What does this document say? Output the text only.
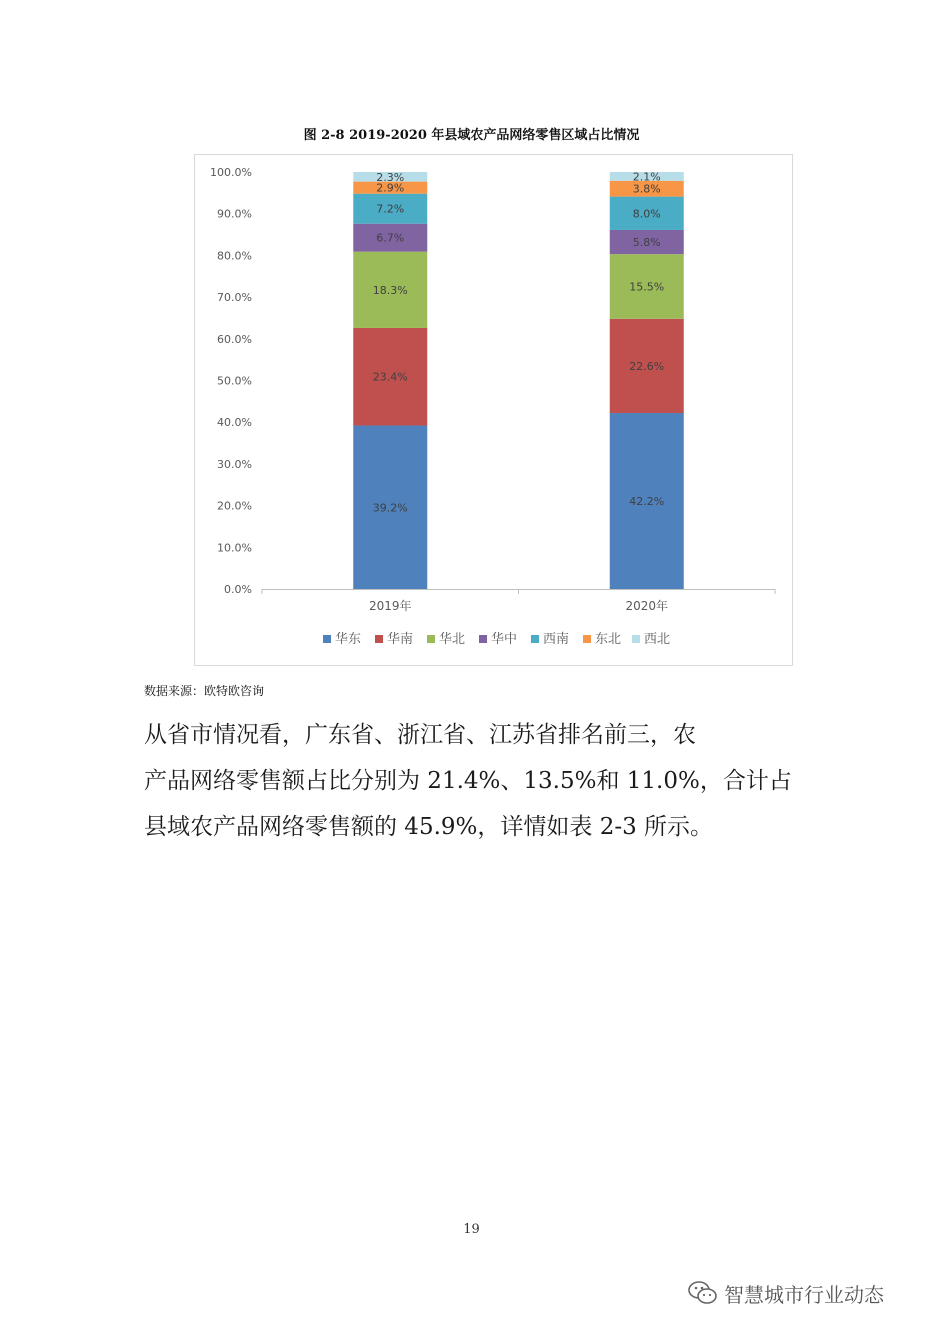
图 2-8 2019-2020 年县域农产品网络零售区域占比情况
0.0%
10.0%
20.0%
30.0%
40.0%
50.0%
60.0%
70.0%
80.0%
90.0%
100.0%
39.2%
23.4%
18.3%
6.7%
7.2%
2.9%
2.3%
2019年
42.2%
22.6%
15.5%
5.8%
8.0%
3.8%
2.1%
2020年
华东 华南 华北 华中 西南 东北 西北
数据来源：欧特欧咨询
从省市情况看，广东省、浙江省、江苏省排名前三，农
产品网络零售额占比分别为 21.4%、13.5%和 11.0%，合计占
县域农产品网络零售额的 45.9%，详情如表 2-3 所示。
19
智慧城市行业动态
